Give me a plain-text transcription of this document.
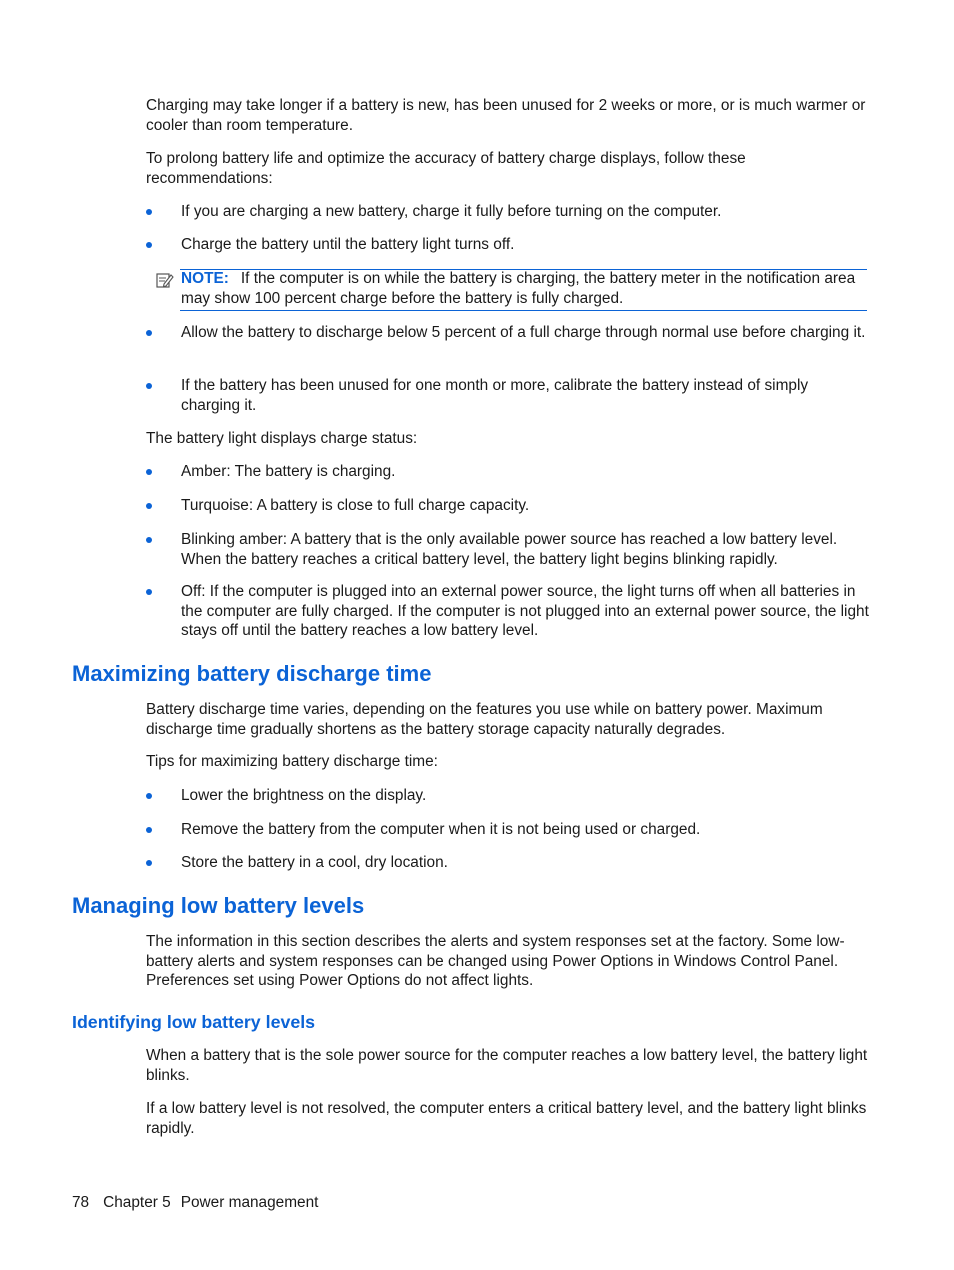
Charging may take longer if a battery is new, has been unused for 2 weeks or more, or is much warmer or cooler than room temperature.

To prolong battery life and optimize the accuracy of battery charge displays, follow these recommendations:

If you are charging a new battery, charge it fully before turning on the computer.

Charge the battery until the battery light turns off.

NOTE: If the computer is on while the battery is charging, the battery meter in the notification area may show 100 percent charge before the battery is fully charged.

Allow the battery to discharge below 5 percent of a full charge through normal use before charging it.

If the battery has been unused for one month or more, calibrate the battery instead of simply charging it.

The battery light displays charge status:

Amber: The battery is charging.

Turquoise: A battery is close to full charge capacity.

Blinking amber: A battery that is the only available power source has reached a low battery level. When the battery reaches a critical battery level, the battery light begins blinking rapidly.

Off: If the computer is plugged into an external power source, the light turns off when all batteries in the computer are fully charged. If the computer is not plugged into an external power source, the light stays off until the battery reaches a low battery level.

Maximizing battery discharge time

Battery discharge time varies, depending on the features you use while on battery power. Maximum discharge time gradually shortens as the battery storage capacity naturally degrades.

Tips for maximizing battery discharge time:

Lower the brightness on the display.

Remove the battery from the computer when it is not being used or charged.

Store the battery in a cool, dry location.

Managing low battery levels

The information in this section describes the alerts and system responses set at the factory. Some low-battery alerts and system responses can be changed using Power Options in Windows Control Panel. Preferences set using Power Options do not affect lights.

Identifying low battery levels

When a battery that is the sole power source for the computer reaches a low battery level, the battery light blinks.

If a low battery level is not resolved, the computer enters a critical battery level, and the battery light blinks rapidly.

78 Chapter 5 Power management
